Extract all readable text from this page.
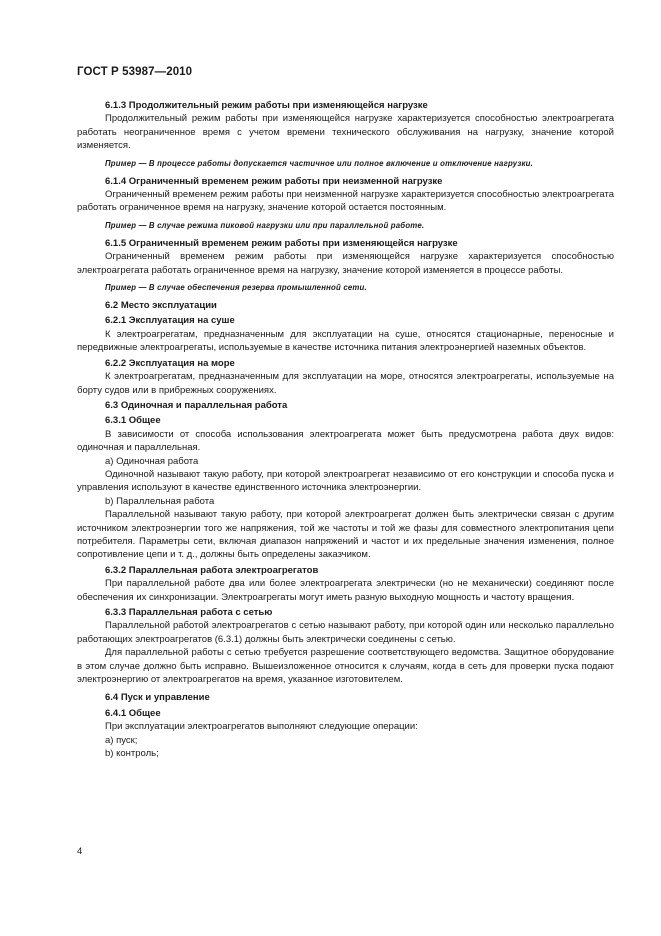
ГОСТ Р 53987—2010

6.1.3 Продолжительный режим работы при изменяющейся нагрузке

Продолжительный режим работы при изменяющейся нагрузке характеризуется способностью электроагрегата работать неограниченное время с учетом времени технического обслуживания на нагрузку, значение которой изменяется.

Пример — В процессе работы допускается частичное или полное включение и отключение нагрузки.

6.1.4 Ограниченный временем режим работы при неизменной нагрузке

Ограниченный временем режим работы при неизменной нагрузке характеризуется способностью электроагрегата работать ограниченное время на нагрузку, значение которой остается постоянным.

Пример — В случае режима пиковой нагрузки или при параллельной работе.

6.1.5 Ограниченный временем режим работы при изменяющейся нагрузке

Ограниченный временем режим работы при изменяющейся нагрузке характеризуется способностью электроагрегата работать ограниченное время на нагрузку, значение которой изменяется в процессе работы.

Пример — В случае обеспечения резерва промышленной сети.

6.2 Место эксплуатации

6.2.1 Эксплуатация на суше

К электроагрегатам, предназначенным для эксплуатации на суше, относятся стационарные, переносные и передвижные электроагрегаты, используемые в качестве источника питания электроэнергией наземных объектов.

6.2.2 Эксплуатация на море

К электроагрегатам, предназначенным для эксплуатации на море, относятся электроагрегаты, используемые на борту судов или в прибрежных сооружениях.

6.3 Одиночная и параллельная работа

6.3.1 Общее

В зависимости от способа использования электроагрегата может быть предусмотрена работа двух видов: одиночная и параллельная.

a) Одиночная работа

Одиночной называют такую работу, при которой электроагрегат независимо от его конструкции и способа пуска и управления используют в качестве единственного источника электроэнергии.

b) Параллельная работа

Параллельной называют такую работу, при которой электроагрегат должен быть электрически связан с другим источником электроэнергии того же напряжения, той же частоты и той же фазы для совместного электропитания цепи потребителя. Параметры сети, включая диапазон напряжений и частот и их предельные значения изменения, полное сопротивление цепи и т. д., должны быть определены заказчиком.

6.3.2 Параллельная работа электроагрегатов

При параллельной работе два или более электроагрегата электрически (но не механически) соединяют после обеспечения их синхронизации. Электроагрегаты могут иметь разную выходную мощность и частоту вращения.

6.3.3 Параллельная работа с сетью

Параллельной работой электроагрегатов с сетью называют работу, при которой один или несколько параллельно работающих электроагрегатов (6.3.1) должны быть электрически соединены с сетью.

Для параллельной работы с сетью требуется разрешение соответствующего ведомства. Защитное оборудование в этом случае должно быть исправно. Вышеизложенное относится к случаям, когда в сеть для проверки пуска подают электроэнергию от электроагрегатов на время, указанное изготовителем.

6.4 Пуск и управление

6.4.1 Общее

При эксплуатации электроагрегатов выполняют следующие операции:

a) пуск;

b) контроль;

4
